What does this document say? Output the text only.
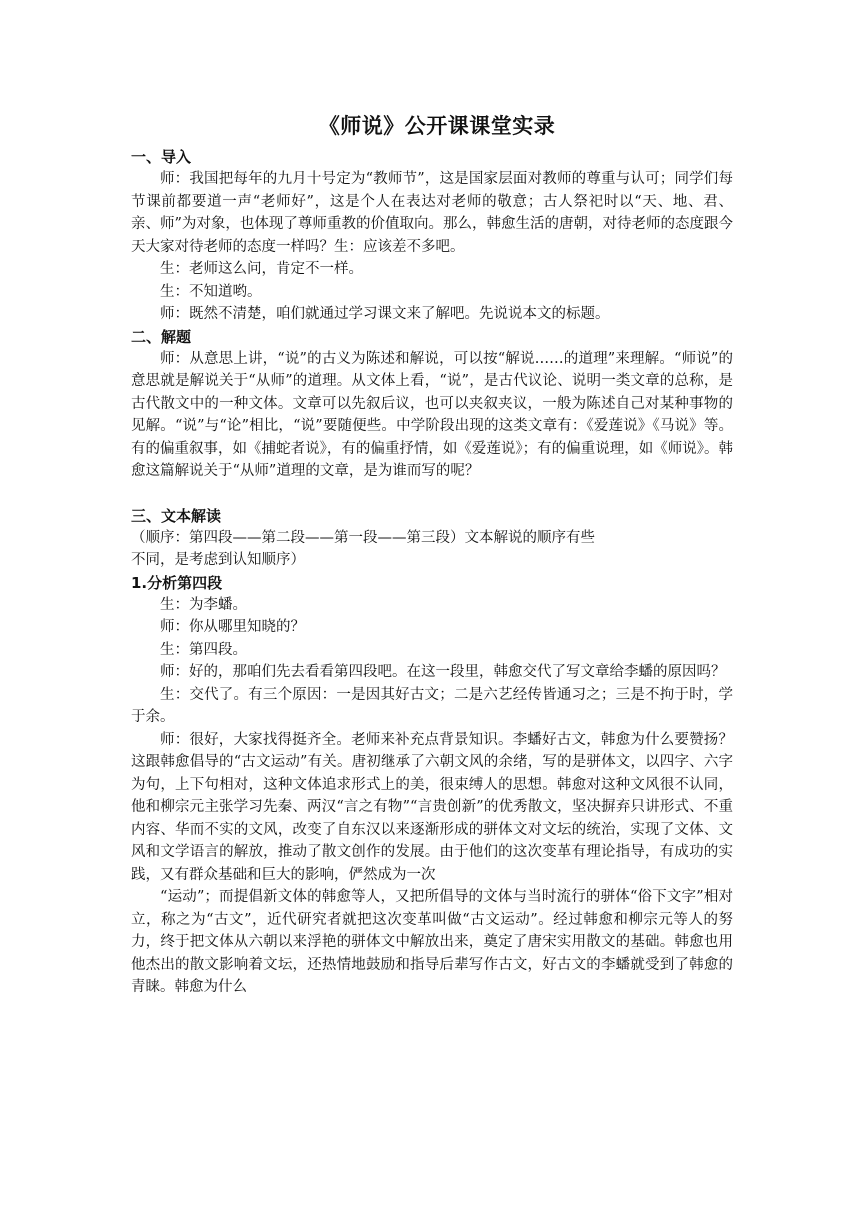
《师说》公开课课堂实录

一、导入

师：我国把每年的九月十号定为“教师节”，这是国家层面对教师的尊重与认可；同学们每节课前都要道一声“老师好”，这是个人在表达对老师的敬意；古人祭祀时以“天、地、君、亲、师”为对象，也体现了尊师重教的价值取向。那么，韩愈生活的唐朝，对待老师的态度跟今天大家对待老师的态度一样吗？生：应该差不多吧。

生：老师这么问，肯定不一样。

生：不知道哟。

师：既然不清楚，咱们就通过学习课文来了解吧。先说说本文的标题。

二、解题

师：从意思上讲，“说”的古义为陈述和解说，可以按“解说……的道理”来理解。“师说”的意思就是解说关于“从师”的道理。从文体上看，“说”，是古代议论、说明一类文章的总称，是古代散文中的一种文体。文章可以先叙后议，也可以夹叙夹议，一般为陈述自己对某种事物的见解。“说”与“论”相比，“说”要随便些。中学阶段出现的这类文章有：《爱莲说》《马说》等。有的偏重叙事，如《捕蛇者说》，有的偏重抒情，如《爱莲说》；有的偏重说理，如《师说》。韩愈这篇解说关于“从师”道理的文章，是为谁而写的呢？

三、文本解读

（顺序：第四段——第二段——第一段——第三段）文本解说的顺序有些

不同，是考虑到认知顺序）

1.分析第四段

生：为李蟠。

师：你从哪里知晓的？

生：第四段。

师：好的，那咱们先去看看第四段吧。在这一段里，韩愈交代了写文章给李蟠的原因吗？

生：交代了。有三个原因：一是因其好古文；二是六艺经传皆通习之；三是不拘于时，学于余。

师：很好，大家找得挺齐全。老师来补充点背景知识。李蟠好古文，韩愈为什么要赞扬？这跟韩愈倡导的“古文运动”有关。唐初继承了六朝文风的余绪，写的是骈体文，以四字、六字为句，上下句相对，这种文体追求形式上的美，很束缚人的思想。韩愈对这种文风很不认同，他和柳宗元主张学习先秦、两汉“言之有物”“言贵创新”的优秀散文，坚决摒弃只讲形式、不重内容、华而不实的文风，改变了自东汉以来逐渐形成的骈体文对文坛的统治，实现了文体、文风和文学语言的解放，推动了散文创作的发展。由于他们的这次变革有理论指导，有成功的实践，又有群众基础和巨大的影响，俨然成为一次

“运动”；而提倡新文体的韩愈等人，又把所倡导的文体与当时流行的骈体“俗下文字”相对立，称之为“古文”，近代研究者就把这次变革叫做“古文运动”。经过韩愈和柳宗元等人的努力，终于把文体从六朝以来浮艳的骈体文中解放出来，奠定了唐宋实用散文的基础。韩愈也用他杰出的散文影响着文坛，还热情地鼓励和指导后辈写作古文，好古文的李蟠就受到了韩愈的青睐。韩愈为什么
